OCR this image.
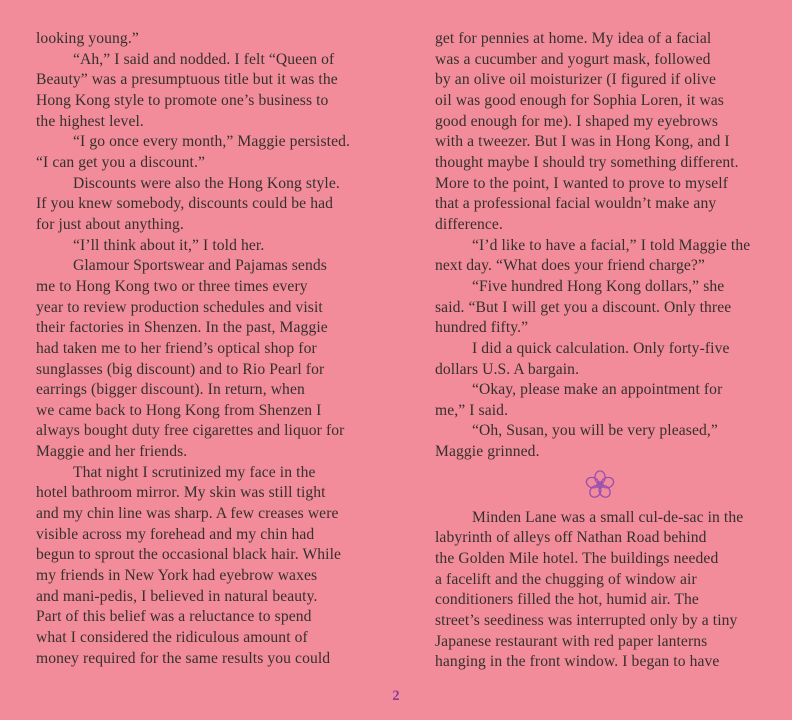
looking young.”
“Ah,” I said and nodded. I felt “Queen of
Beauty” was a presumptuous title but it was the
Hong Kong style to promote one’s business to
the highest level.
“I go once every month,” Maggie persisted.
“I can get you a discount.”
Discounts were also the Hong Kong style.
If you knew somebody, discounts could be had
for just about anything.
“I’ll think about it,” I told her.
Glamour Sportswear and Pajamas sends
me to Hong Kong two or three times every
year to review production schedules and visit
their factories in Shenzen. In the past, Maggie
had taken me to her friend’s optical shop for
sunglasses (big discount) and to Rio Pearl for
earrings (bigger discount). In return, when
we came back to Hong Kong from Shenzen I
always bought duty free cigarettes and liquor for
Maggie and her friends.
That night I scrutinized my face in the
hotel bathroom mirror. My skin was still tight
and my chin line was sharp. A few creases were
visible across my forehead and my chin had
begun to sprout the occasional black hair. While
my friends in New York had eyebrow waxes
and mani-pedis, I believed in natural beauty.
Part of this belief was a reluctance to spend
what I considered the ridiculous amount of
money required for the same results you could
get for pennies at home. My idea of a facial
was a cucumber and yogurt mask, followed
by an olive oil moisturizer (I figured if olive
oil was good enough for Sophia Loren, it was
good enough for me). I shaped my eyebrows
with a tweezer. But I was in Hong Kong, and I
thought maybe I should try something different.
More to the point, I wanted to prove to myself
that a professional facial wouldn’t make any
difference.
“I’d like to have a facial,” I told Maggie the
next day. “What does your friend charge?”
“Five hundred Hong Kong dollars,” she
said. “But I will get you a discount. Only three
hundred fifty.”
I did a quick calculation. Only forty-five
dollars U.S. A bargain.
“Okay, please make an appointment for
me,” I said.
“Oh, Susan, you will be very pleased,”
Maggie grinned.
Minden Lane was a small cul-de-sac in the
labyrinth of alleys off Nathan Road behind
the Golden Mile hotel. The buildings needed
a facelift and the chugging of window air
conditioners filled the hot, humid air. The
street’s seediness was interrupted only by a tiny
Japanese restaurant with red paper lanterns
hanging in the front window. I began to have
2
